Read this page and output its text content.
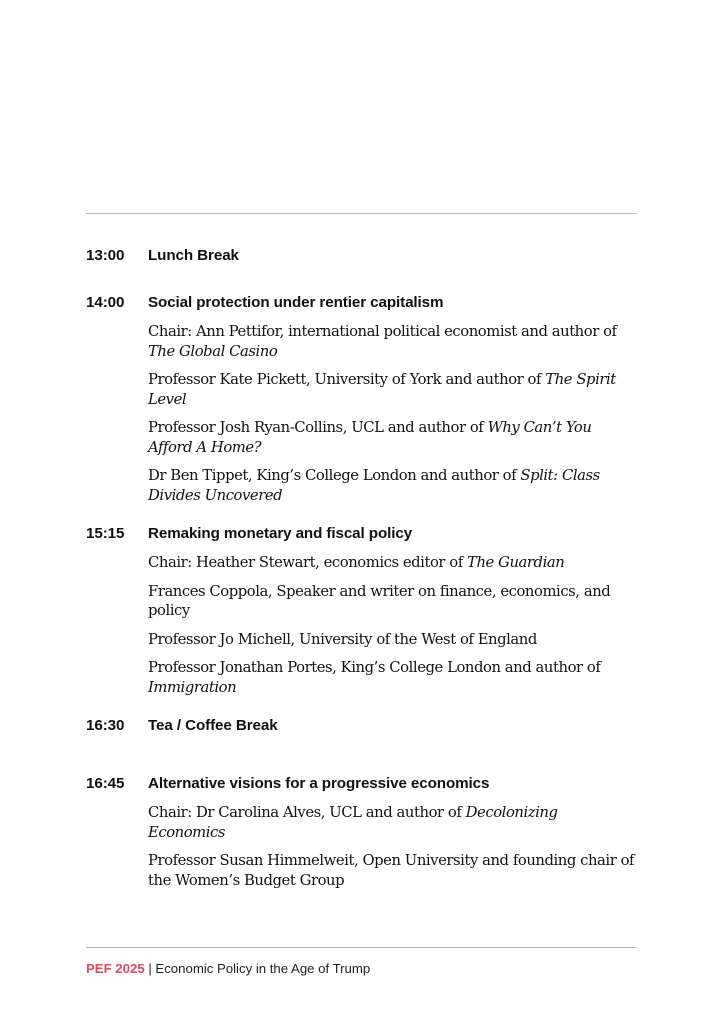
13:00	Lunch Break
14:00	Social protection under rentier capitalism
Chair: Ann Pettifor, international political economist and author of The Global Casino
Professor Kate Pickett, University of York and author of The Spirit Level
Professor Josh Ryan-Collins, UCL and author of Why Can’t You Afford A Home?
Dr Ben Tippet, King’s College London and author of Split: Class Divides Uncovered
15:15	Remaking monetary and fiscal policy
Chair: Heather Stewart, economics editor of The Guardian
Frances Coppola, Speaker and writer on finance, economics, and policy
Professor Jo Michell, University of the West of England
Professor Jonathan Portes, King’s College London and author of Immigration
16:30	Tea / Coffee Break
16:45	Alternative visions for a progressive economics
Chair: Dr Carolina Alves, UCL and author of Decolonizing Economics
Professor Susan Himmelweit, Open University and founding chair of the Women’s Budget Group
PEF 2025 | Economic Policy in the Age of Trump
